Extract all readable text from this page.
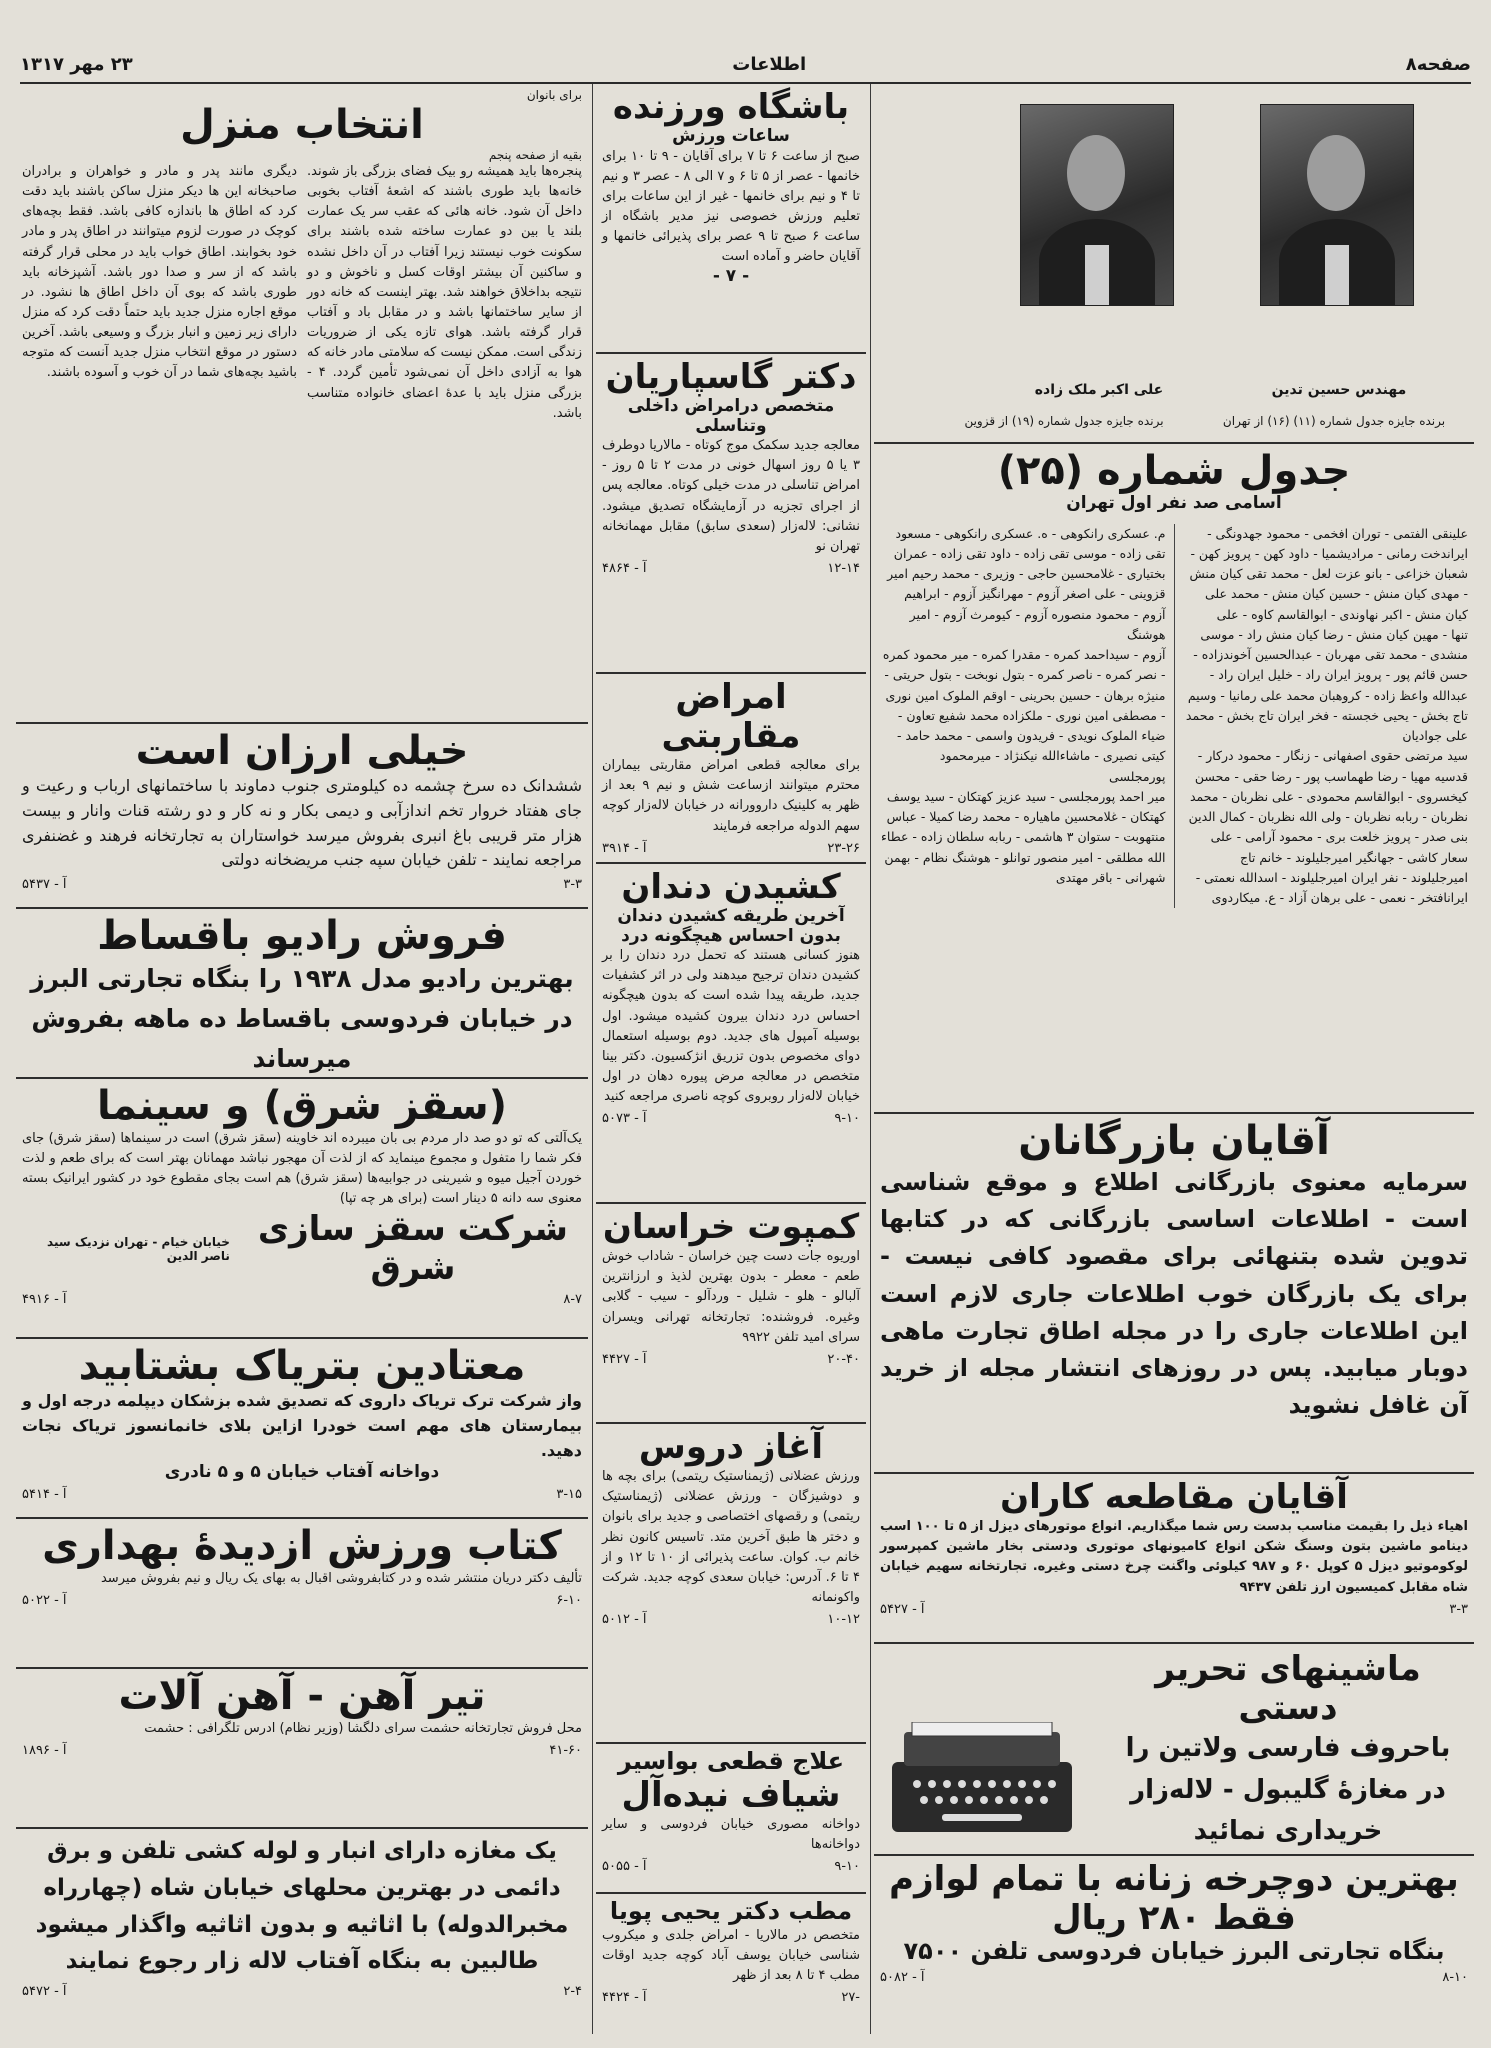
صفحه۸
اطلاعات
۲۳ مهر ۱۳۱۷
مهندس حسین تدین
علی اکبر ملک زاده
برنده جایزه جدول شماره (۱۱) (۱۶) از تهران
برنده جایزه جدول شماره (۱۹) از قزوین
جدول شماره (۲۵)
اسامی صد نفر اول تهران

علینقی الفتمی - توران افخمی - محمود جهدونگی - ایراندخت رمانی - مرادیشمیا - داود کهن - پرویز کهن - شعبان خزاعی - بانو عزت لعل - محمد تقی کیان منش - مهدی کیان منش - حسین کیان منش - محمد علی کیان منش - اکبر نهاوندی - ابوالقاسم کاوه - علی

تنها - مهین کیان منش - رضا کیان منش راد - موسی منشدی - محمد تقی مهربان - عبدالحسین آخوندزاده - حسن قائم پور - پرویز ایران راد - خلیل ایران راد - عبدالله واعظ زاده - کروهبان محمد علی رمانیا - وسیم تاج بخش - یحیی خجسته - فخر ایران تاج بخش - محمد علی جوادیان

سید مرتضی حقوی اصفهانی - زنگار - محمود درکار - قدسیه مهیا - رضا طهماسب پور - رضا حقی - محسن کیخسروی - ابوالقاسم محمودی - علی نظربان - محمد نظربان - ربابه نظربان - ولی الله نظربان - کمال الدین بنی صدر - پرویز خلعت بری - محمود آرامی - علی سعار کاشی - جهانگیر امیرجلیلوند - خانم تاج امیرجلیلوند - نفر ایران امیرجلیلوند - اسدالله نعمتی - ایرانافتخر - نعمی - علی برهان آزاد - ع. میکاردوی

م. عسکری رانکوهی - ه. عسکری رانکوهی - مسعود تقی زاده - موسی تقی زاده - داود تقی زاده - عمران بختیاری - غلامحسین حاجی - وزیری - محمد رحیم امیر قزوینی - علی اصغر آزوم - مهرانگیز آزوم - ابراهیم آزوم - محمود منصوره آزوم - کیومرث آزوم - امیر هوشنگ

آزوم - سیداحمد کمره - مقدرا کمره - میر محمود کمره - نصر کمره - ناصر کمره - بتول نوبخت - بتول حریتی - منیژه برهان - حسین بحرینی - اوقم الملوک امین نوری - مصطفی امین نوری - ملکزاده محمد شفیع تعاون - ضیاء الملوک نویدی - فریدون واسمی - محمد حامد - کیتی نصیری - ماشاءالله نیکنژاد - میرمحمود پورمجلسی

میر احمد پورمجلسی - سید عزیز کهتکان - سید یوسف کهتکان - غلامحسین ماهیاره - محمد رضا کمیلا - عباس منتهوبت - ستوان ۳ هاشمی - ربابه سلطان زاده - عطاء الله مطلقی - امیر منصور توانلو - هوشنگ نظام - بهمن شهرانی - باقر مهتدی

آقایان بازرگانان
سرمایه معنوی بازرگانی اطلاع و موقع شناسی است - اطلاعات اساسی بازرگانی که در کتابها تدوین شده بتنهائی برای مقصود کافی نیست - برای یک بازرگان خوب اطلاعات جاری لازم است این اطلاعات جاری را در مجله اطاق تجارت ماهی دوبار میابید. پس در روزهای انتشار مجله از خرید آن غافل نشوید
آقایان مقاطعه کاران
اهیاء ذیل را بقیمت مناسب بدست رس شما میگذاریم. انواع موتورهای دیزل از ۵ تا ۱۰۰ اسب دینامو ماشین بتون وسنگ شکن انواع کامیونهای موتوری ودستی بخار ماشین کمپرسور لوکوموتیو دیزل ۵ کوپل ۶۰ و ۹۸۷ کیلوئی واگنت چرخ دستی وغیره. تجارتخانه سهیم خیابان شاه مقابل کمیسیون ارز تلفن ۹۴۳۷
آ - ۵۴۲۷	۳-۳
ماشینهای تحریر دستی
باحروف فارسی ولاتین را در مغازهٔ گلیبول - لاله‌زار خریداری نمائید
بهترین دوچرخه زنانه با تمام لوازم
فقط ۲۸۰ ریال
بنگاه تجارتی البرز خیابان فردوسی تلفن ۷۵۰۰
آ - ۵۰۸۲	۸-۱۰
باشگاه ورزنده
ساعات ورزش
صبح از ساعت ۶ تا ۷ برای آقایان - ۹ تا ۱۰ برای خانمها - عصر از ۵ تا ۶ و ۷ الی ۸ - عصر ۳ و نیم تا ۴ و نیم برای خانمها - غیر از این ساعات برای تعلیم ورزش خصوصی نیز مدیر باشگاه از ساعت ۶ صبح تا ۹ عصر برای پذیرائی خانمها و آقایان حاضر و آماده است
- ۷ -
دکتر گاسپاریان
متخصص درامراض داخلی وتناسلی
معالجه جدید سکمک موج کوتاه - مالاریا دوطرف ۳ یا ۵ روز اسهال خونی در مدت ۲ تا ۵ روز - امراض تناسلی در مدت خیلی کوتاه. معالجه پس از اجرای تجزیه در آزمایشگاه تصدیق میشود. نشانی: لاله‌زار (سعدی سابق) مقابل مهمانخانه تهران نو
آ - ۴۸۶۴	۱۲-۱۴
امراض مقاربتی
برای معالجه قطعی امراض مقاربتی بیماران محترم میتوانند ازساعت شش و نیم ۹ بعد از ظهر به کلینیک داروورانه در خیابان لاله‌زار کوچه سهم الدوله مراجعه فرمایند
آ - ۳۹۱۴	۲۳-۲۶
کشیدن دندان
آخرین طریقه کشیدن دندان بدون احساس هیچگونه درد
هنوز کسانی هستند که تحمل درد دندان را بر کشیدن دندان ترجیح میدهند ولی در اثر کشفیات جدید، طریقه پیدا شده است که بدون هیچگونه احساس درد دندان بیرون کشیده میشود. اول بوسیله آمپول های جدید. دوم بوسیله استعمال دوای مخصوص بدون تزریق انژکسیون. دکتر بینا متخصص در معالجه مرض پیوره دهان در اول خیابان لاله‌زار روبروی کوچه ناصری مراجعه کنید
آ - ۵۰۷۳	۹-۱۰
کمپوت خراسان
اوریوه جات دست چین خراسان - شاداب خوش طعم - معطر - بدون بهترین لذیذ و ارزانترین آلبالو - هلو - شلیل - وردآلو - سیب - گلابی وغیره. فروشنده: تجارتخانه تهرانی ویسران سرای امید تلفن ۹۹۲۲
آ - ۴۴۲۷	۲۰-۴۰
آغاز دروس
ورزش عضلانی (ژیمناستیک ریتمی) برای بچه ها و دوشیزگان - ورزش عضلانی (ژیمناستیک ریتمی) و رقصهای اختصاصی و جدید برای بانوان و دختر ها طبق آخرین متد. تاسیس کانون نظر خانم ب. کوان. ساعت پذیرائی از ۱۰ تا ۱۲ و از ۴ تا ۶. آدرس: خیابان سعدی کوچه جدید. شرکت واکونمانه
آ - ۵۰۱۲	۱۰-۱۲
علاج قطعی بواسیر
شیاف نیده‌آل
دواخانه مصوری خیابان فردوسی و سایر دواخانه‌ها
آ - ۵۰۵۵	۹-۱۰
مطب دکتر یحیی پویا
متخصص در مالاریا - امراض جلدی و میکروب شناسی خیابان یوسف آباد کوچه جدید اوقات مطب ۴ تا ۸ بعد از ظهر
آ - ۴۴۲۴	۲۷-
برای بانوان
انتخاب منزل
بقیه از صفحه پنجم
پنجره‌ها باید همیشه رو بیک فضای بزرگی باز شوند. خانه‌ها باید طوری باشند که اشعهٔ آفتاب بخوبی داخل آن شود. خانه هائی که عقب سر یک عمارت بلند یا بین دو عمارت ساخته شده باشند برای سکونت خوب نیستند زیرا آفتاب در آن داخل نشده و ساکنین آن بیشتر اوقات کسل و ناخوش و دو نتیجه بداخلاق خواهند شد. بهتر اینست که خانه دور از سایر ساختمانها باشد و در مقابل باد و آفتاب قرار گرفته باشد. هوای تازه یکی از ضروریات زندگی است. ممکن نیست که سلامتی مادر خانه که هوا به آزادی داخل آن نمی‌شود تأمین گردد. ۴ - بزرگی منزل باید با عدهٔ اعضای خانواده متناسب باشد.
دیگری مانند پدر و مادر و خواهران و برادران صاحبخانه این ها دیکر منزل ساکن باشند باید دقت کرد که اطاق ها باندازه کافی باشد. فقط بچه‌های کوچک در صورت لزوم میتوانند در اطاق پدر و مادر خود بخوابند. اطاق خواب باید در محلی قرار گرفته باشد که از سر و صدا دور باشد. آشپزخانه باید طوری باشد که بوی آن داخل اطاق ها نشود. در موقع اجاره منزل جدید باید حتماً دقت کرد که منزل دارای زیر زمین و انبار بزرگ و وسیعی باشد. آخرین دستور در موقع انتخاب منزل جدید آنست که متوجه باشید بچه‌های شما در آن خوب و آسوده باشند.
خیلی ارزان است
ششدانک ده سرخ چشمه ده کیلومتری جنوب دماوند با ساختمانهای ارباب و رعیت و جای هفتاد خروار تخم اندازآبی و دیمی بکار و نه کار و دو رشته قنات وانار و بیست هزار متر قریبی باغ انبری بفروش میرسد خواستاران به تجارتخانه فرهند و غضنفری مراجعه نمایند - تلفن خیابان سپه جنب مریضخانه دولتی
آ - ۵۴۳۷	۳-۳
فروش رادیو باقساط
بهترین رادیو مدل ۱۹۳۸ را بنگاه تجارتی البرز در خیابان فردوسی باقساط ده ماهه بفروش میرساند
(سقز شرق) و سینما
یک‌آلتی که تو دو صد دار مردم بی بان میبرده اند خاوینه (سقز شرق) است در سینما‌ها (سقز شرق) جای فکر شما را متفول و مجموع مینماید که از لذت آن مهجور نباشد مهمانان بهتر است که برای طعم و لذت خوردن آجیل میوه و شیرینی در جوابیه‌ها (سقز شرق) هم است بجای مقطوع خود در کشور ایرانیک بسته معنوی سه دانه ۵ دینار است (برای هر چه تپا)
شرکت سقز سازی شرق
خیابان خیام - تهران نزدیک سید ناصر الدین
آ - ۴۹۱۶	۸-۷
معتادین بتریاک بشتابید
واز شرکت ترک تریاک داروی که تصدیق شده بزشکان دیپلمه درجه اول و بیمارستان های مهم است خودرا ازاین بلای خانمانسوز تریاک نجات دهید.
دواخانه آفتاب خیابان ۵ و ۵ نادری
آ - ۵۴۱۴	۳-۱۵
کتاب ورزش ازدیدهٔ بهداری
تألیف دکتر دریان منتشر شده و در کتابفروشی اقبال به بهای یک ریال و نیم بفروش میرسد
آ - ۵۰۲۲	۶-۱۰
تیر آهن - آهن آلات
محل فروش تجارتخانه حشمت سرای دلگشا (وزیر نظام) ادرس تلگرافی : حشمت
آ - ۱۸۹۶	۴۱-۶۰
یک مغازه دارای انبار و لوله کشی تلفن و برق دائمی در بهترین محلهای خیابان شاه (چهارراه مخبرالدوله) با اثاثیه و بدون اثاثیه واگذار میشود طالبین به بنگاه آفتاب لاله زار رجوع نمایند
آ - ۵۴۷۲	۲-۴
